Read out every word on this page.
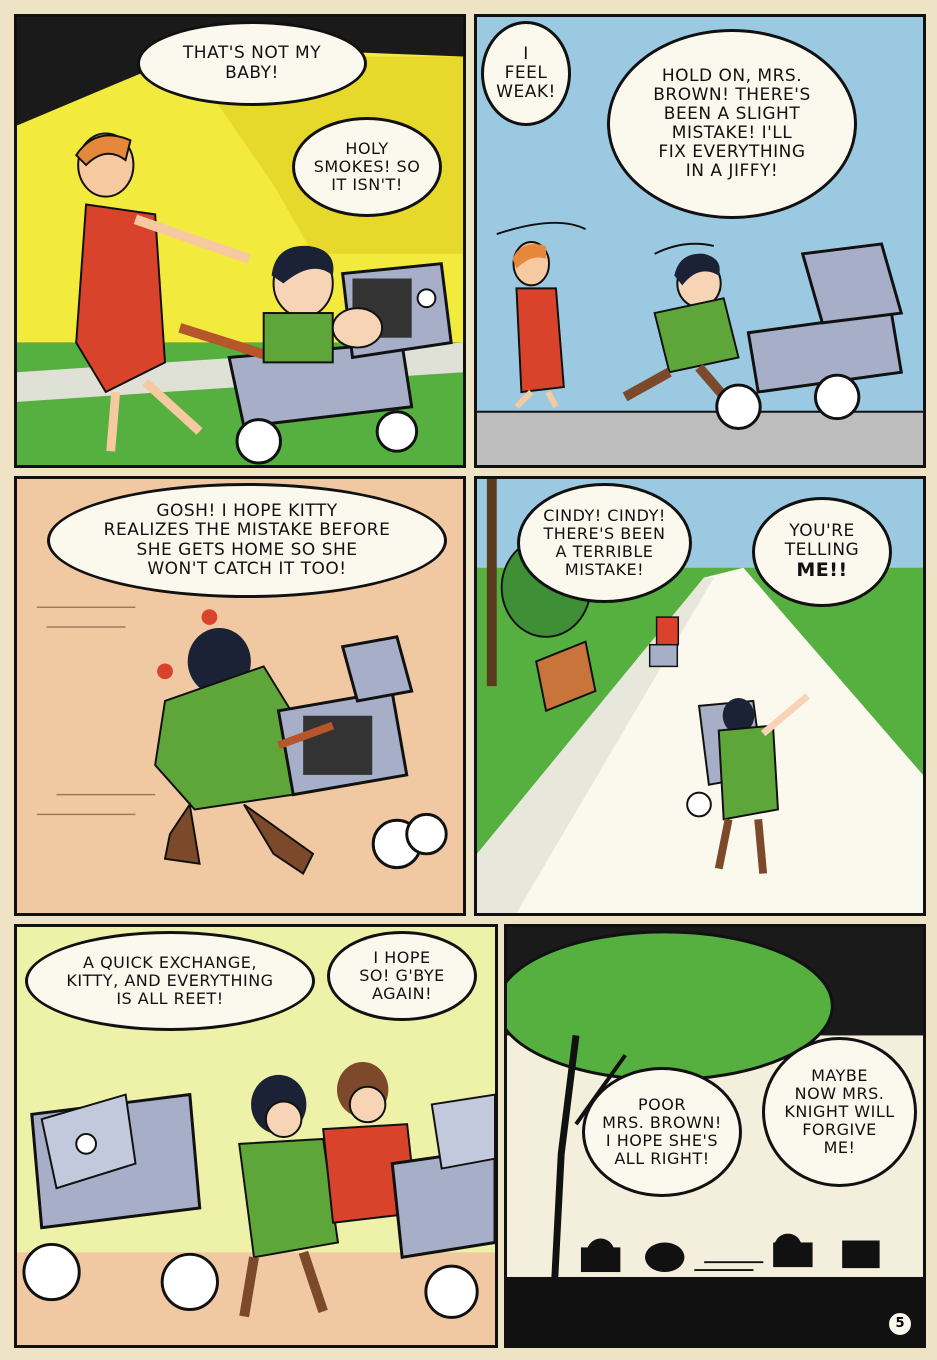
THAT'S NOT MY
BABY!
HOLY
SMOKES! SO
IT ISN'T!
I
FEEL
WEAK!
HOLD ON, MRS.
BROWN! THERE'S
BEEN A SLIGHT
MISTAKE! I'LL
FIX EVERYTHING
IN A JIFFY!
GOSH! I HOPE KITTY
REALIZES THE MISTAKE BEFORE
SHE GETS HOME SO SHE
WON'T CATCH IT TOO!
CINDY! CINDY!
THERE'S BEEN
A TERRIBLE
MISTAKE!
YOU'RE
TELLING
ME!!
A QUICK EXCHANGE,
KITTY, AND EVERYTHING
IS ALL REET!
I HOPE
SO! G'BYE
AGAIN!
POOR
MRS. BROWN!
I HOPE SHE'S
ALL RIGHT!
MAYBE
NOW MRS.
KNIGHT WILL
FORGIVE
ME!
5
